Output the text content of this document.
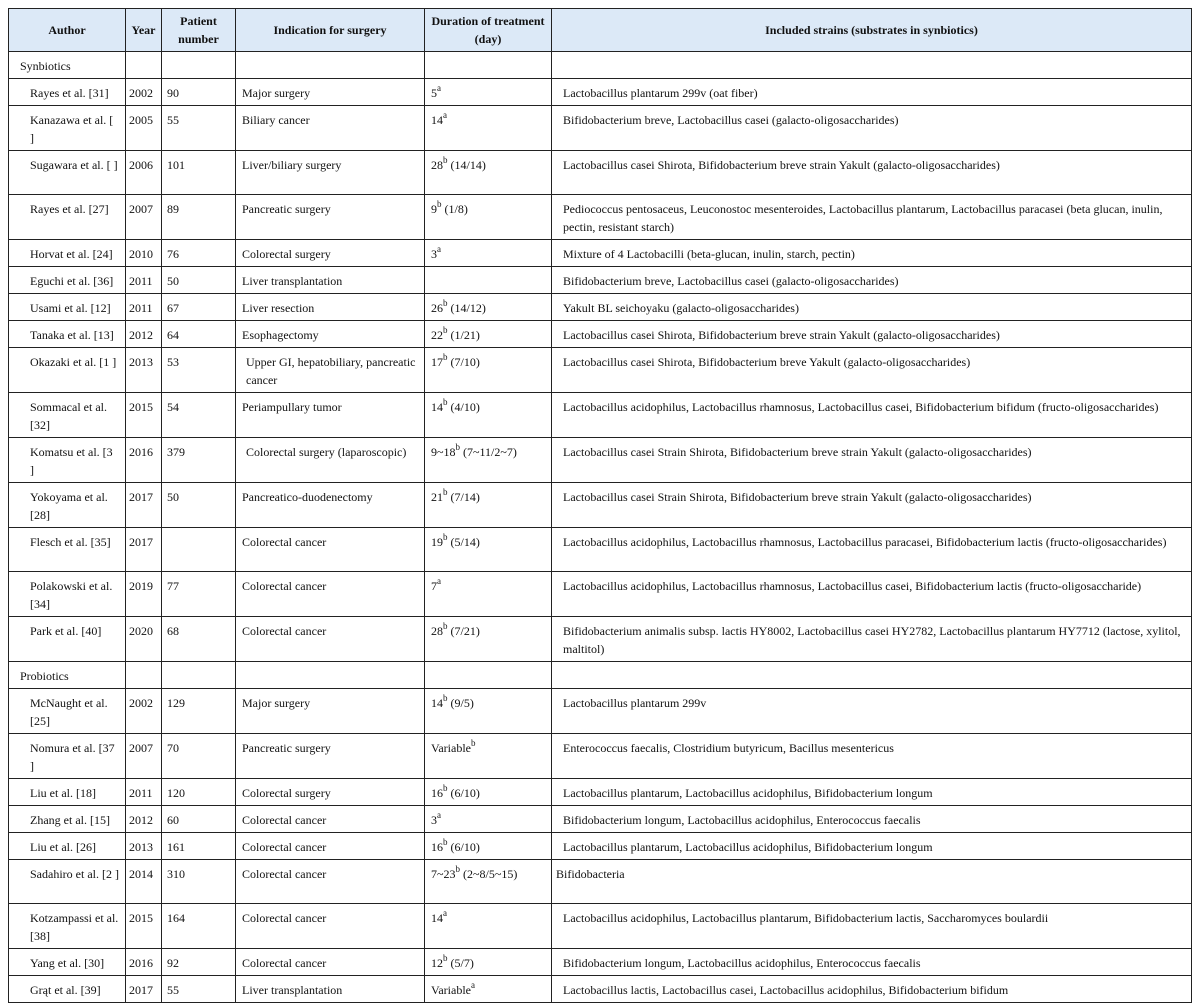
Author	Year	Patient number	Indication for surgery	Duration of treatment (day)	Included strains (substrates in synbiotics)
Synbiotics					
Rayes et al. [31]	2002	90	Major surgery	5$^a$	Lactobacillus plantarum 299v (oat fiber)
Kanazawa et al. [ ]	2005	55	Biliary cancer	14$^a$	Bifidobacterium breve, Lactobacillus casei (galacto-oligosaccharides)
Sugawara et al. [ ]	2006	101	Liver/biliary surgery	28$^b$ (14/14)	Lactobacillus casei Shirota, Bifidobacterium breve strain Yakult (galacto-oligosaccharides)
Rayes et al. [27]	2007	89	Pancreatic surgery	9$^b$ (1/8)	Pediococcus pentosaceus, Leuconostoc mesenteroides, Lactobacillus plantarum, Lactobacillus paracasei (beta glucan, inulin, pectin, resistant starch)
Horvat et al. [24]	2010	76	Colorectal surgery	3$^a$	Mixture of 4 Lactobacilli (beta-glucan, inulin, starch, pectin)
Eguchi et al. [36]	2011	50	Liver transplantation		Bifidobacterium breve, Lactobacillus casei (galacto-oligosaccharides)
Usami et al. [12]	2011	67	Liver resection	26$^b$ (14/12)	Yakult BL seichoyaku (galacto-oligosaccharides)
Tanaka et al. [13]	2012	64	Esophagectomy	22$^b$ (1/21)	Lactobacillus casei Shirota, Bifidobacterium breve strain Yakult (galacto-oligosaccharides)
Okazaki et al. [1 ]	2013	53	Upper GI, hepatobiliary, pancreatic cancer	17$^b$ (7/10)	Lactobacillus casei Shirota, Bifidobacterium breve Yakult (galacto-oligosaccharides)
Sommacal et al. [32]	2015	54	Periampullary tumor	14$^b$ (4/10)	Lactobacillus acidophilus, Lactobacillus rhamnosus, Lactobacillus casei, Bifidobacterium bifidum (fructo-oligosaccharides)
Komatsu et al. [3 ]	2016	379	Colorectal surgery (laparoscopic)	9~18$^b$ (7~11/2~7)	Lactobacillus casei Strain Shirota, Bifidobacterium breve strain Yakult (galacto-oligosaccharides)
Yokoyama et al. [28]	2017	50	Pancreatico-duodenectomy	21$^b$ (7/14)	Lactobacillus casei Strain Shirota, Bifidobacterium breve strain Yakult (galacto-oligosaccharides)
Flesch et al. [35]	2017		Colorectal cancer	19$^b$ (5/14)	Lactobacillus acidophilus, Lactobacillus rhamnosus, Lactobacillus paracasei, Bifidobacterium lactis (fructo-oligosaccharides)
Polakowski et al. [34]	2019	77	Colorectal cancer	7$^a$	Lactobacillus acidophilus, Lactobacillus rhamnosus, Lactobacillus casei, Bifidobacterium lactis (fructo-oligosaccharide)
Park et al. [40]	2020	68	Colorectal cancer	28$^b$ (7/21)	Bifidobacterium animalis subsp. lactis HY8002, Lactobacillus casei HY2782, Lactobacillus plantarum HY7712 (lactose, xylitol, maltitol)
Probiotics					
McNaught et al. [25]	2002	129	Major surgery	14$^b$ (9/5)	Lactobacillus plantarum 299v
Nomura et al. [37 ]	2007	70	Pancreatic surgery	Variable$^b$	Enterococcus faecalis, Clostridium butyricum, Bacillus mesentericus
Liu et al. [18]	2011	120	Colorectal surgery	16$^b$ (6/10)	Lactobacillus plantarum, Lactobacillus acidophilus, Bifidobacterium longum
Zhang et al. [15]	2012	60	Colorectal cancer	3$^a$	Bifidobacterium longum, Lactobacillus acidophilus, Enterococcus faecalis
Liu et al. [26]	2013	161	Colorectal cancer	16$^b$ (6/10)	Lactobacillus plantarum, Lactobacillus acidophilus, Bifidobacterium longum
Sadahiro et al. [2 ]	2014	310	Colorectal cancer	7~23$^b$ (2~8/5~15)	Bifidobacteria
Kotzampassi et al. [38]	2015	164	Colorectal cancer	14$^a$	Lactobacillus acidophilus, Lactobacillus plantarum, Bifidobacterium lactis, Saccharomyces boulardii
Yang et al. [30]	2016	92	Colorectal cancer	12$^b$ (5/7)	Bifidobacterium longum, Lactobacillus acidophilus, Enterococcus faecalis
Grąt et al. [39]	2017	55	Liver transplantation	Variable$^a$	Lactobacillus lactis, Lactobacillus casei, Lactobacillus acidophilus, Bifidobacterium bifidum
